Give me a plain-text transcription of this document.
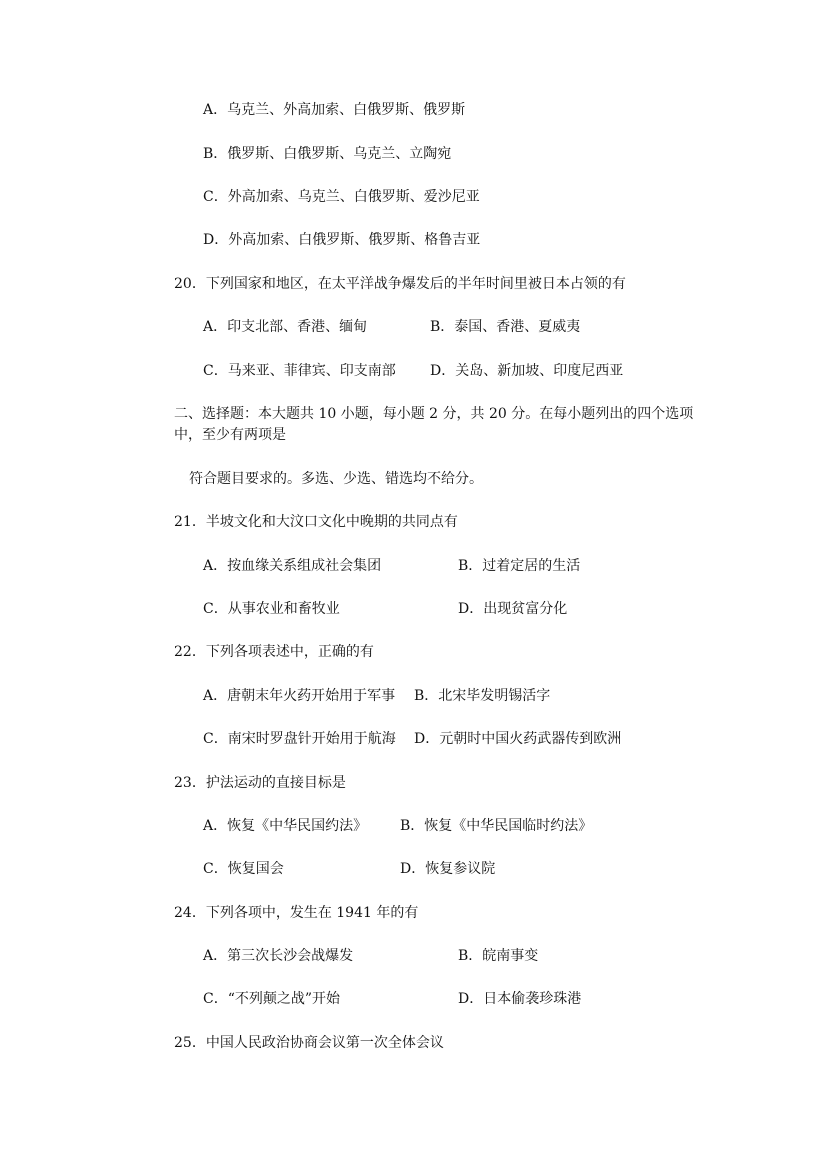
A．乌克兰、外高加索、白俄罗斯、俄罗斯
B．俄罗斯、白俄罗斯、乌克兰、立陶宛
C．外高加索、乌克兰、白俄罗斯、爱沙尼亚
D．外高加索、白俄罗斯、俄罗斯、格鲁吉亚
20．下列国家和地区，在太平洋战争爆发后的半年时间里被日本占领的有
A．印支北部、香港、缅甸	B．泰国、香港、夏威夷
C．马来亚、菲律宾、印支南部 D．关岛、新加坡、印度尼西亚
二、选择题：本大题共 10 小题，每小题 2 分，共 20 分。在每小题列出的四个选项
中，至少有两项是
符合题目要求的。多选、少选、错选均不给分。
21．半坡文化和大汶口文化中晚期的共同点有
A．按血缘关系组成社会集团	B．过着定居的生活
C．从事农业和畜牧业	D．出现贫富分化
22．下列各项表述中，正确的有
A．唐朝末年火药开始用于军事 B．北宋毕发明锡活字
C．南宋时罗盘针开始用于航海 D．元朝时中国火药武器传到欧洲
23．护法运动的直接目标是
A．恢复《中华民国约法》 B．恢复《中华民国临时约法》
C．恢复国会	D．恢复参议院
24．下列各项中，发生在 1941 年的有
A．第三次长沙会战爆发	B．皖南事变
C．“不列颠之战”开始	D．日本偷袭珍珠港
25．中国人民政治协商会议第一次全体会议
